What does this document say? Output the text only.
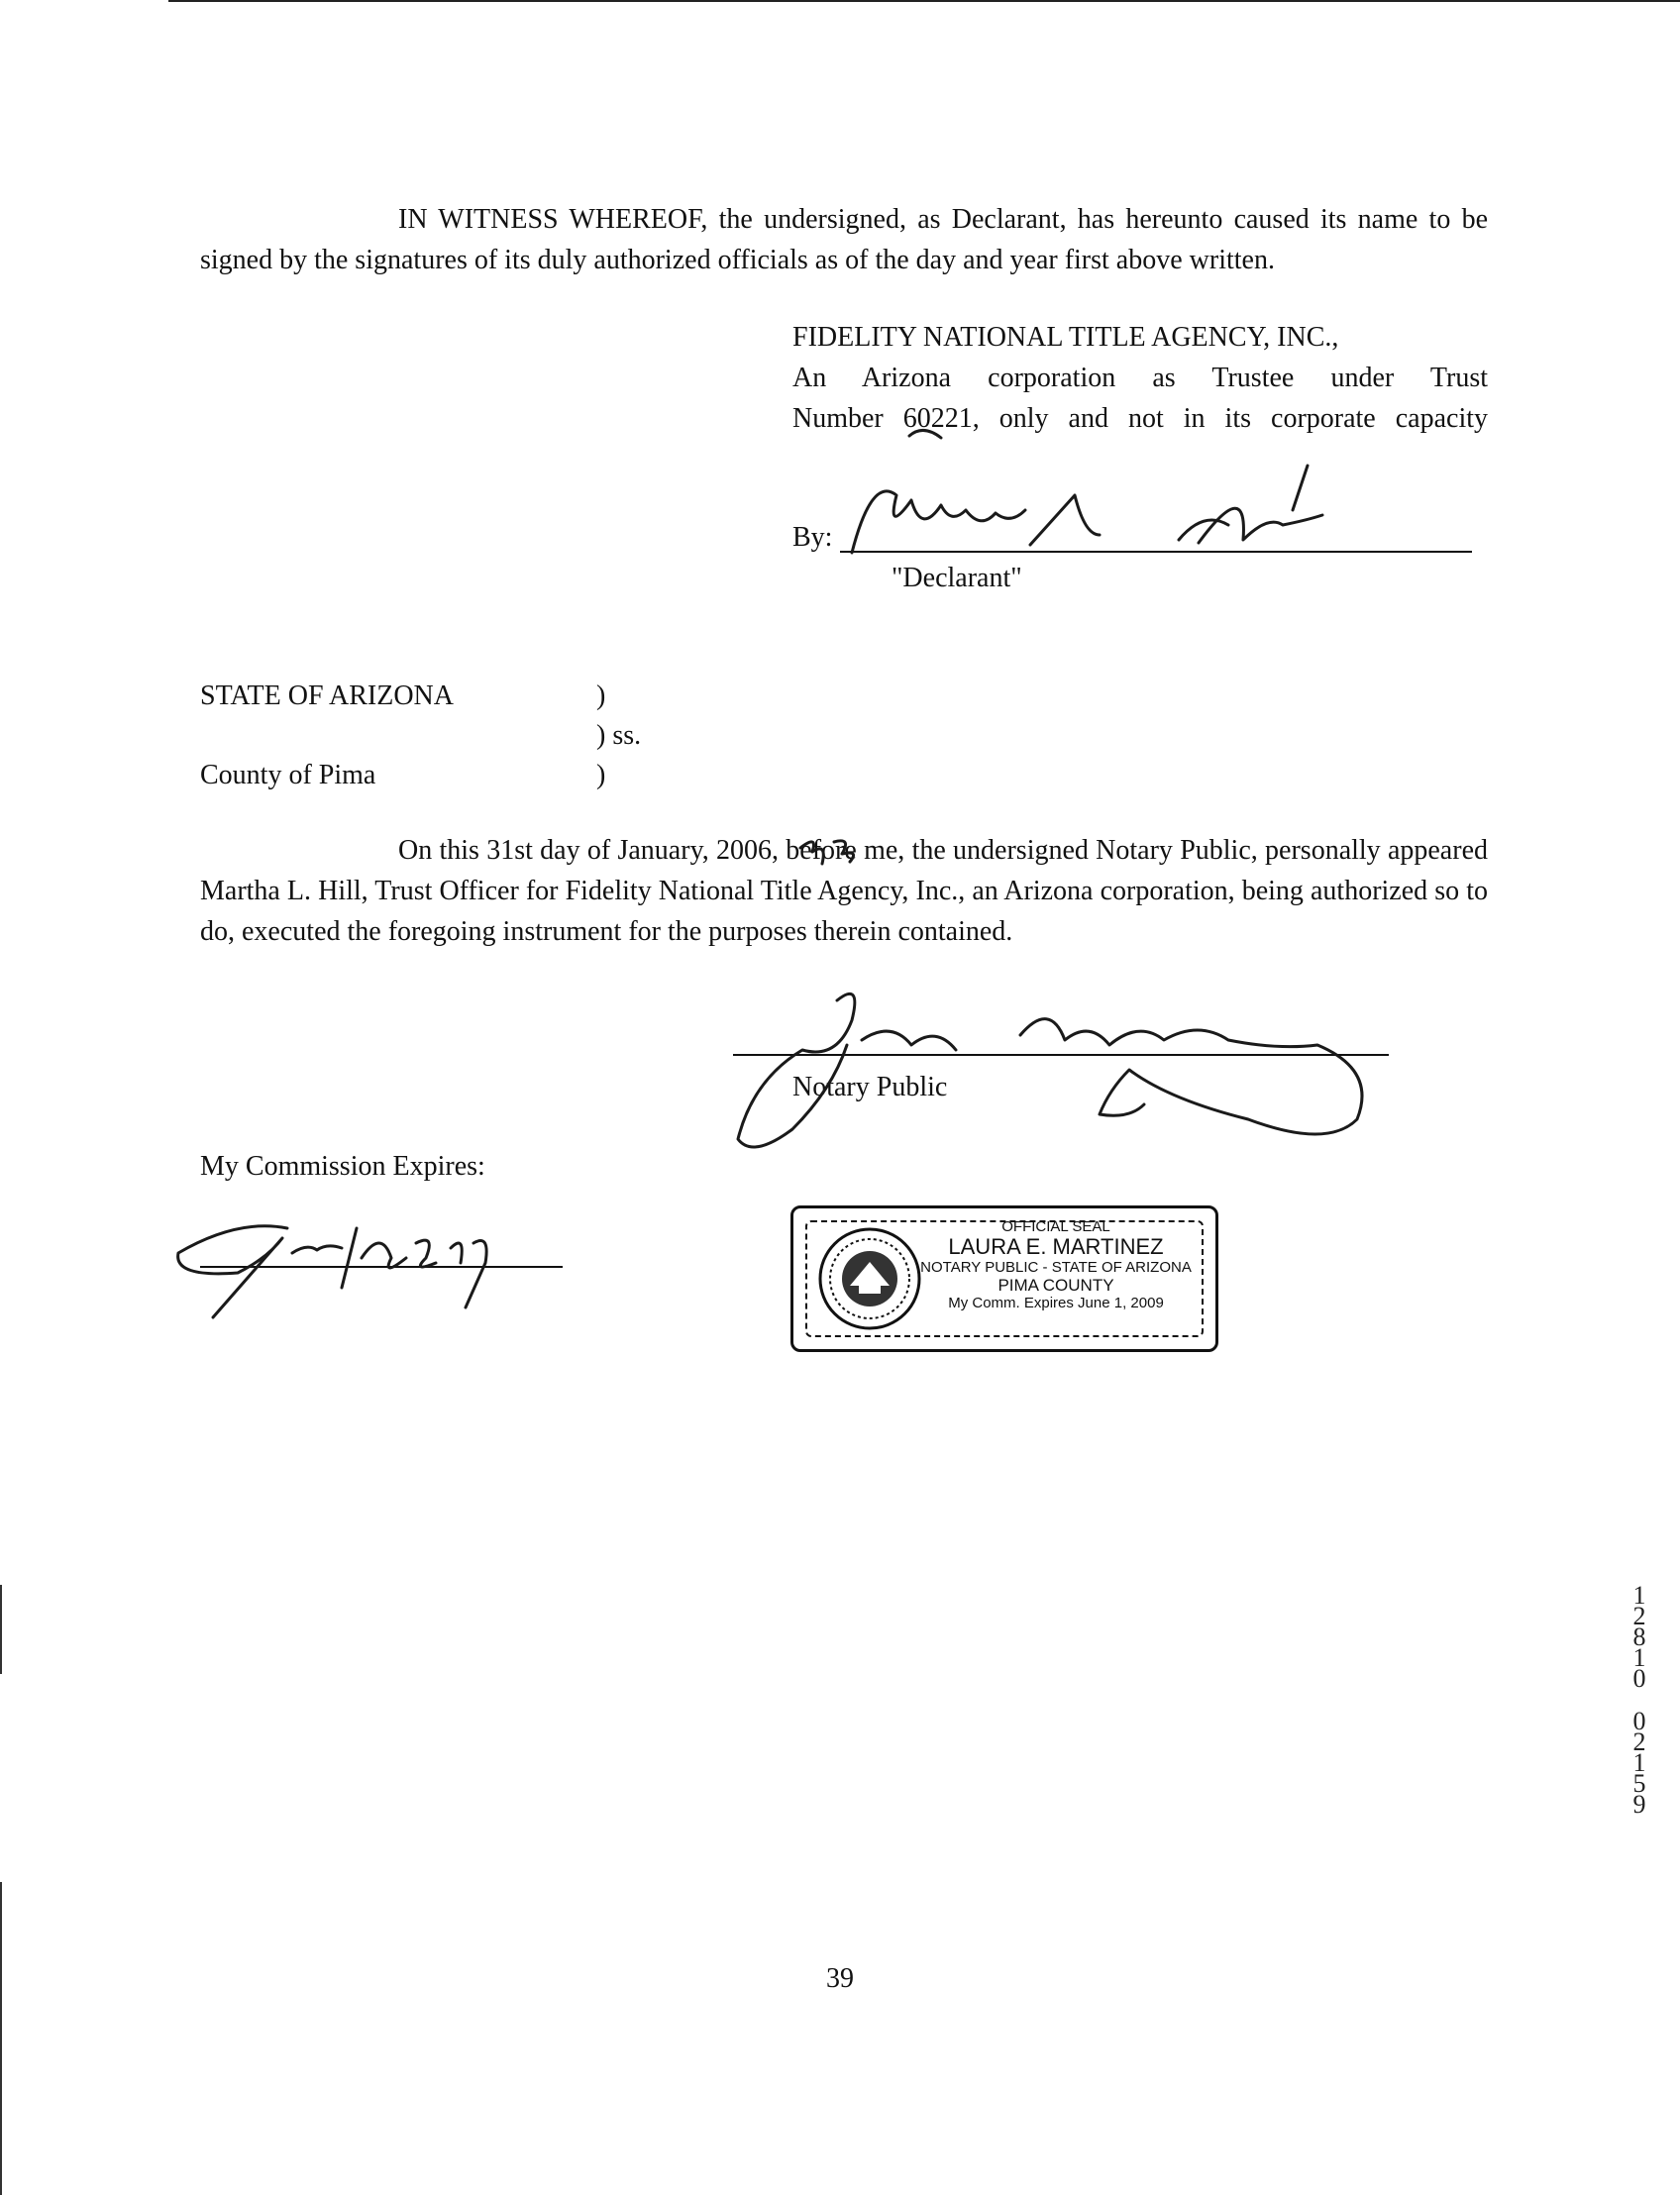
IN WITNESS WHEREOF, the undersigned, as Declarant, has hereunto caused its name to be signed by the signatures of its duly authorized officials as of the day and year first above written.

FIDELITY NATIONAL TITLE AGENCY, INC.,
An Arizona corporation as Trustee under Trust
Number 60221, only and not in its corporate capacity
By:
"Declarant"
STATE OF ARIZONA	)
) ss.
County of Pima	)

On this 31st day of January, 2006, before me, the undersigned Notary Public, personally appeared Martha L. Hill, Trust Officer for Fidelity National Title Agency, Inc., an Arizona corporation, being authorized so to do, executed the foregoing instrument for the purposes therein contained.

Notary Public
My Commission Expires:
OFFICIAL SEAL
LAURA E. MARTINEZ
NOTARY PUBLIC - STATE OF ARIZONA
PIMA COUNTY
My Comm. Expires June 1, 2009
1
2
8
1
0
0
2
1
5
9
39
